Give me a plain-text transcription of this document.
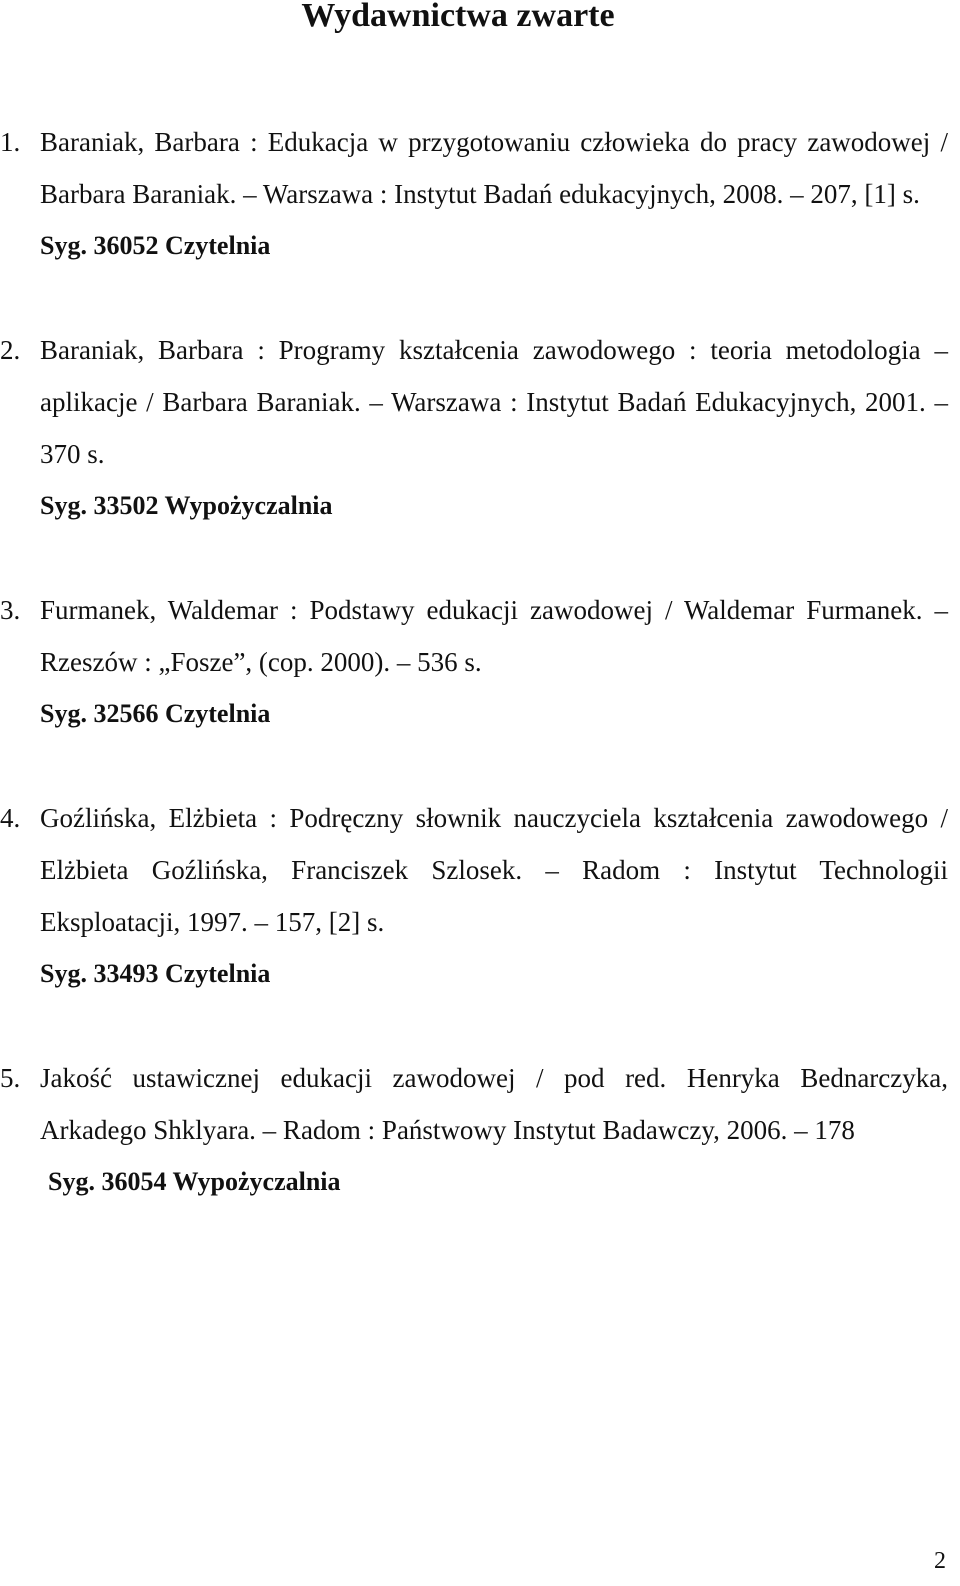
Wydawnictwa zwarte
1. Baraniak, Barbara : Edukacja w przygotowaniu człowieka do pracy zawodowej / Barbara Baraniak. – Warszawa : Instytut Badań edukacyjnych, 2008. – 207, [1] s.

Syg. 36052 Czytelnia

2. Baraniak, Barbara : Programy kształcenia zawodowego : teoria metodologia – aplikacje / Barbara Baraniak. – Warszawa : Instytut Badań Edukacyjnych, 2001. – 370 s.

Syg. 33502 Wypożyczalnia

3. Furmanek, Waldemar : Podstawy edukacji zawodowej / Waldemar Furmanek. – Rzeszów : „Fosze”, (cop. 2000). – 536 s.

Syg. 32566 Czytelnia

4. Goźlińska, Elżbieta : Podręczny słownik nauczyciela kształcenia zawodowego / Elżbieta Goźlińska, Franciszek Szlosek. – Radom : Instytut Technologii Eksploatacji, 1997. – 157, [2] s.

Syg. 33493 Czytelnia

5. Jakość ustawicznej edukacji zawodowej / pod red. Henryka Bednarczyka, Arkadego Shklyara. – Radom : Państwowy Instytut Badawczy, 2006. – 178

Syg. 36054 Wypożyczalnia

2
